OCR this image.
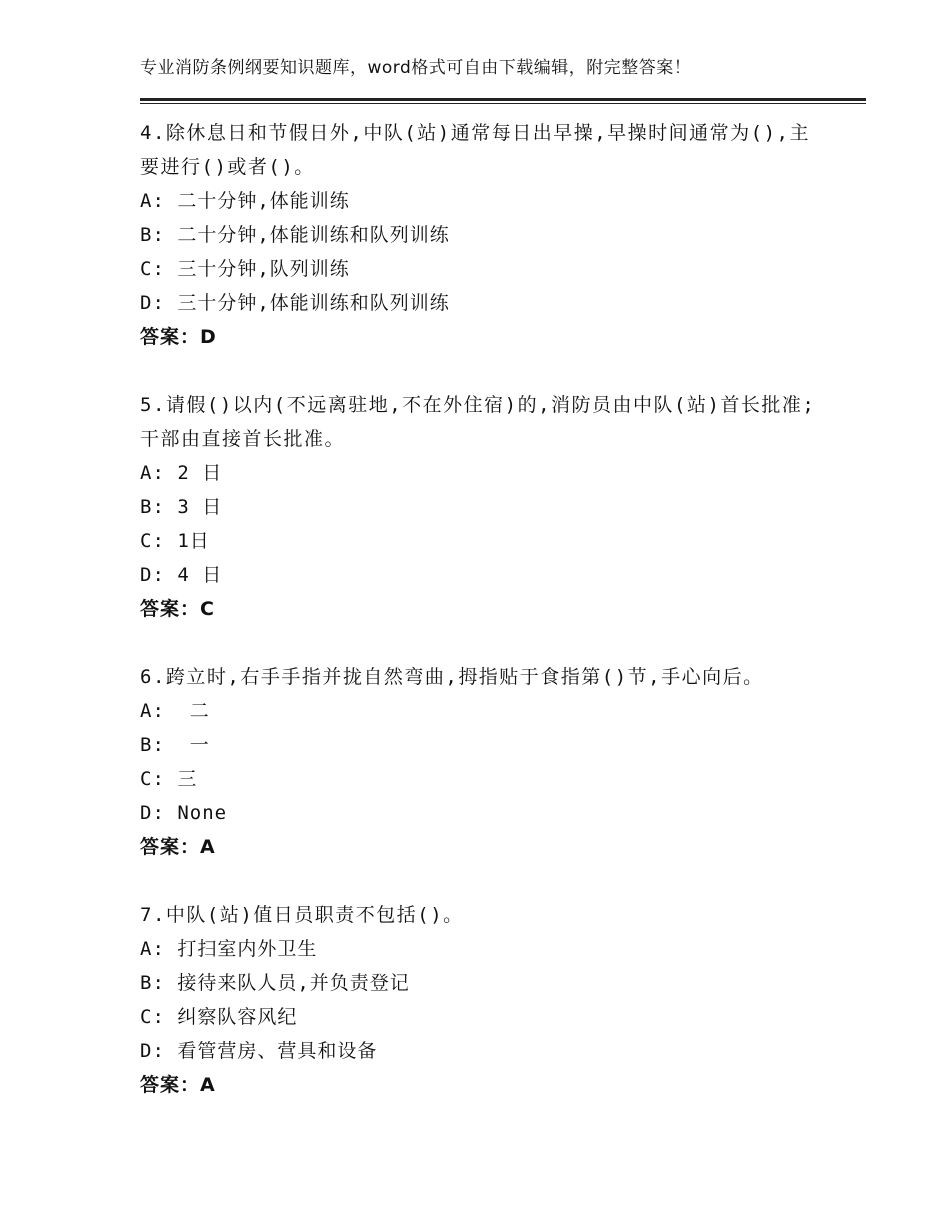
专业消防条例纲要知识题库，word格式可自由下载编辑，附完整答案！

4.除休息日和节假日外,中队(站)通常每日出早操,早操时间通常为(),主要进行()或者()。

A: 二十分钟,体能训练

B: 二十分钟,体能训练和队列训练

C: 三十分钟,队列训练

D: 三十分钟,体能训练和队列训练

答案：D

5.请假()以内(不远离驻地,不在外住宿)的,消防员由中队(站)首长批准;干部由直接首长批准。

A: 2 日

B: 3 日

C: 1日

D: 4 日

答案：C

6.跨立时,右手手指并拢自然弯曲,拇指贴于食指第()节,手心向后。

A:  二

B:  一

C: 三

D: None

答案：A

7.中队(站)值日员职责不包括()。

A: 打扫室内外卫生

B: 接待来队人员,并负责登记

C: 纠察队容风纪

D: 看管营房、营具和设备

答案：A
